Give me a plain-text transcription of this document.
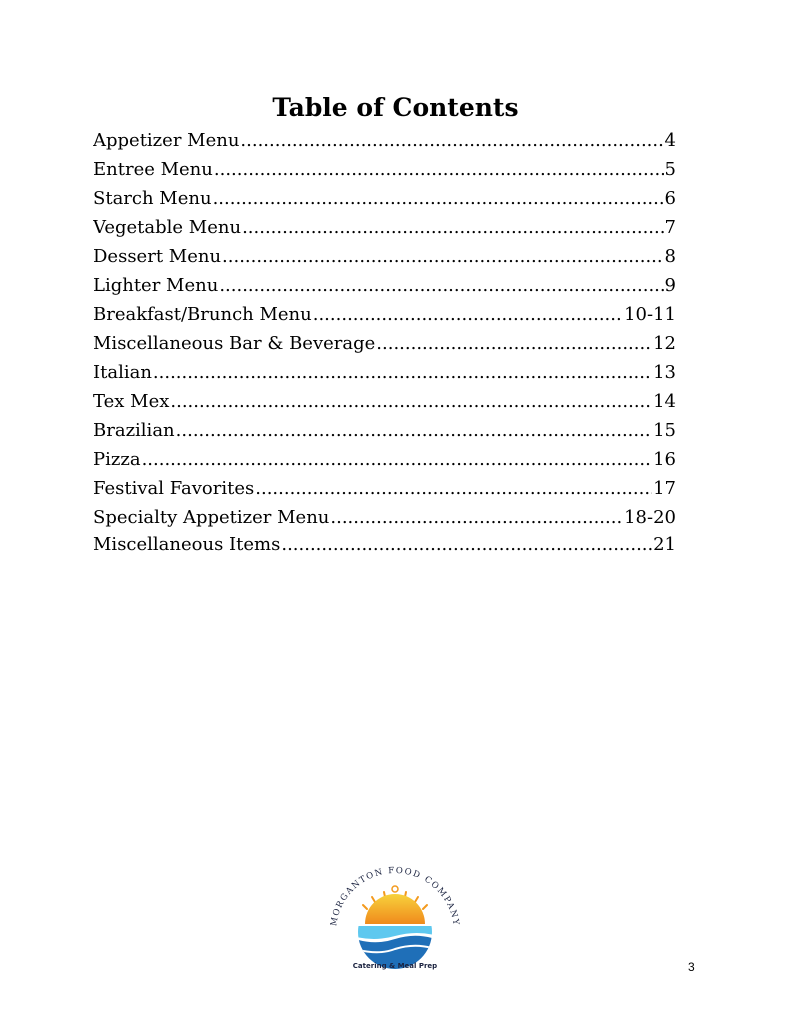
Table of Contents
Appetizer Menu .....	4
Entree Menu .....	5
Starch Menu .....	6
Vegetable Menu .....	7
Dessert Menu .....	8
Lighter Menu .....	9
Breakfast/Brunch Menu .....	10-11
Miscellaneous Bar & Beverage .....	12
Italian .....	13
Tex Mex .....	14
Brazilian .....	15
Pizza .....	16
Festival Favorites .....	17
Specialty Appetizer Menu .....	18-20
Miscellaneous Items .....	21
MORGANTON FOOD COMPANY
Catering & Meal Prep	3
